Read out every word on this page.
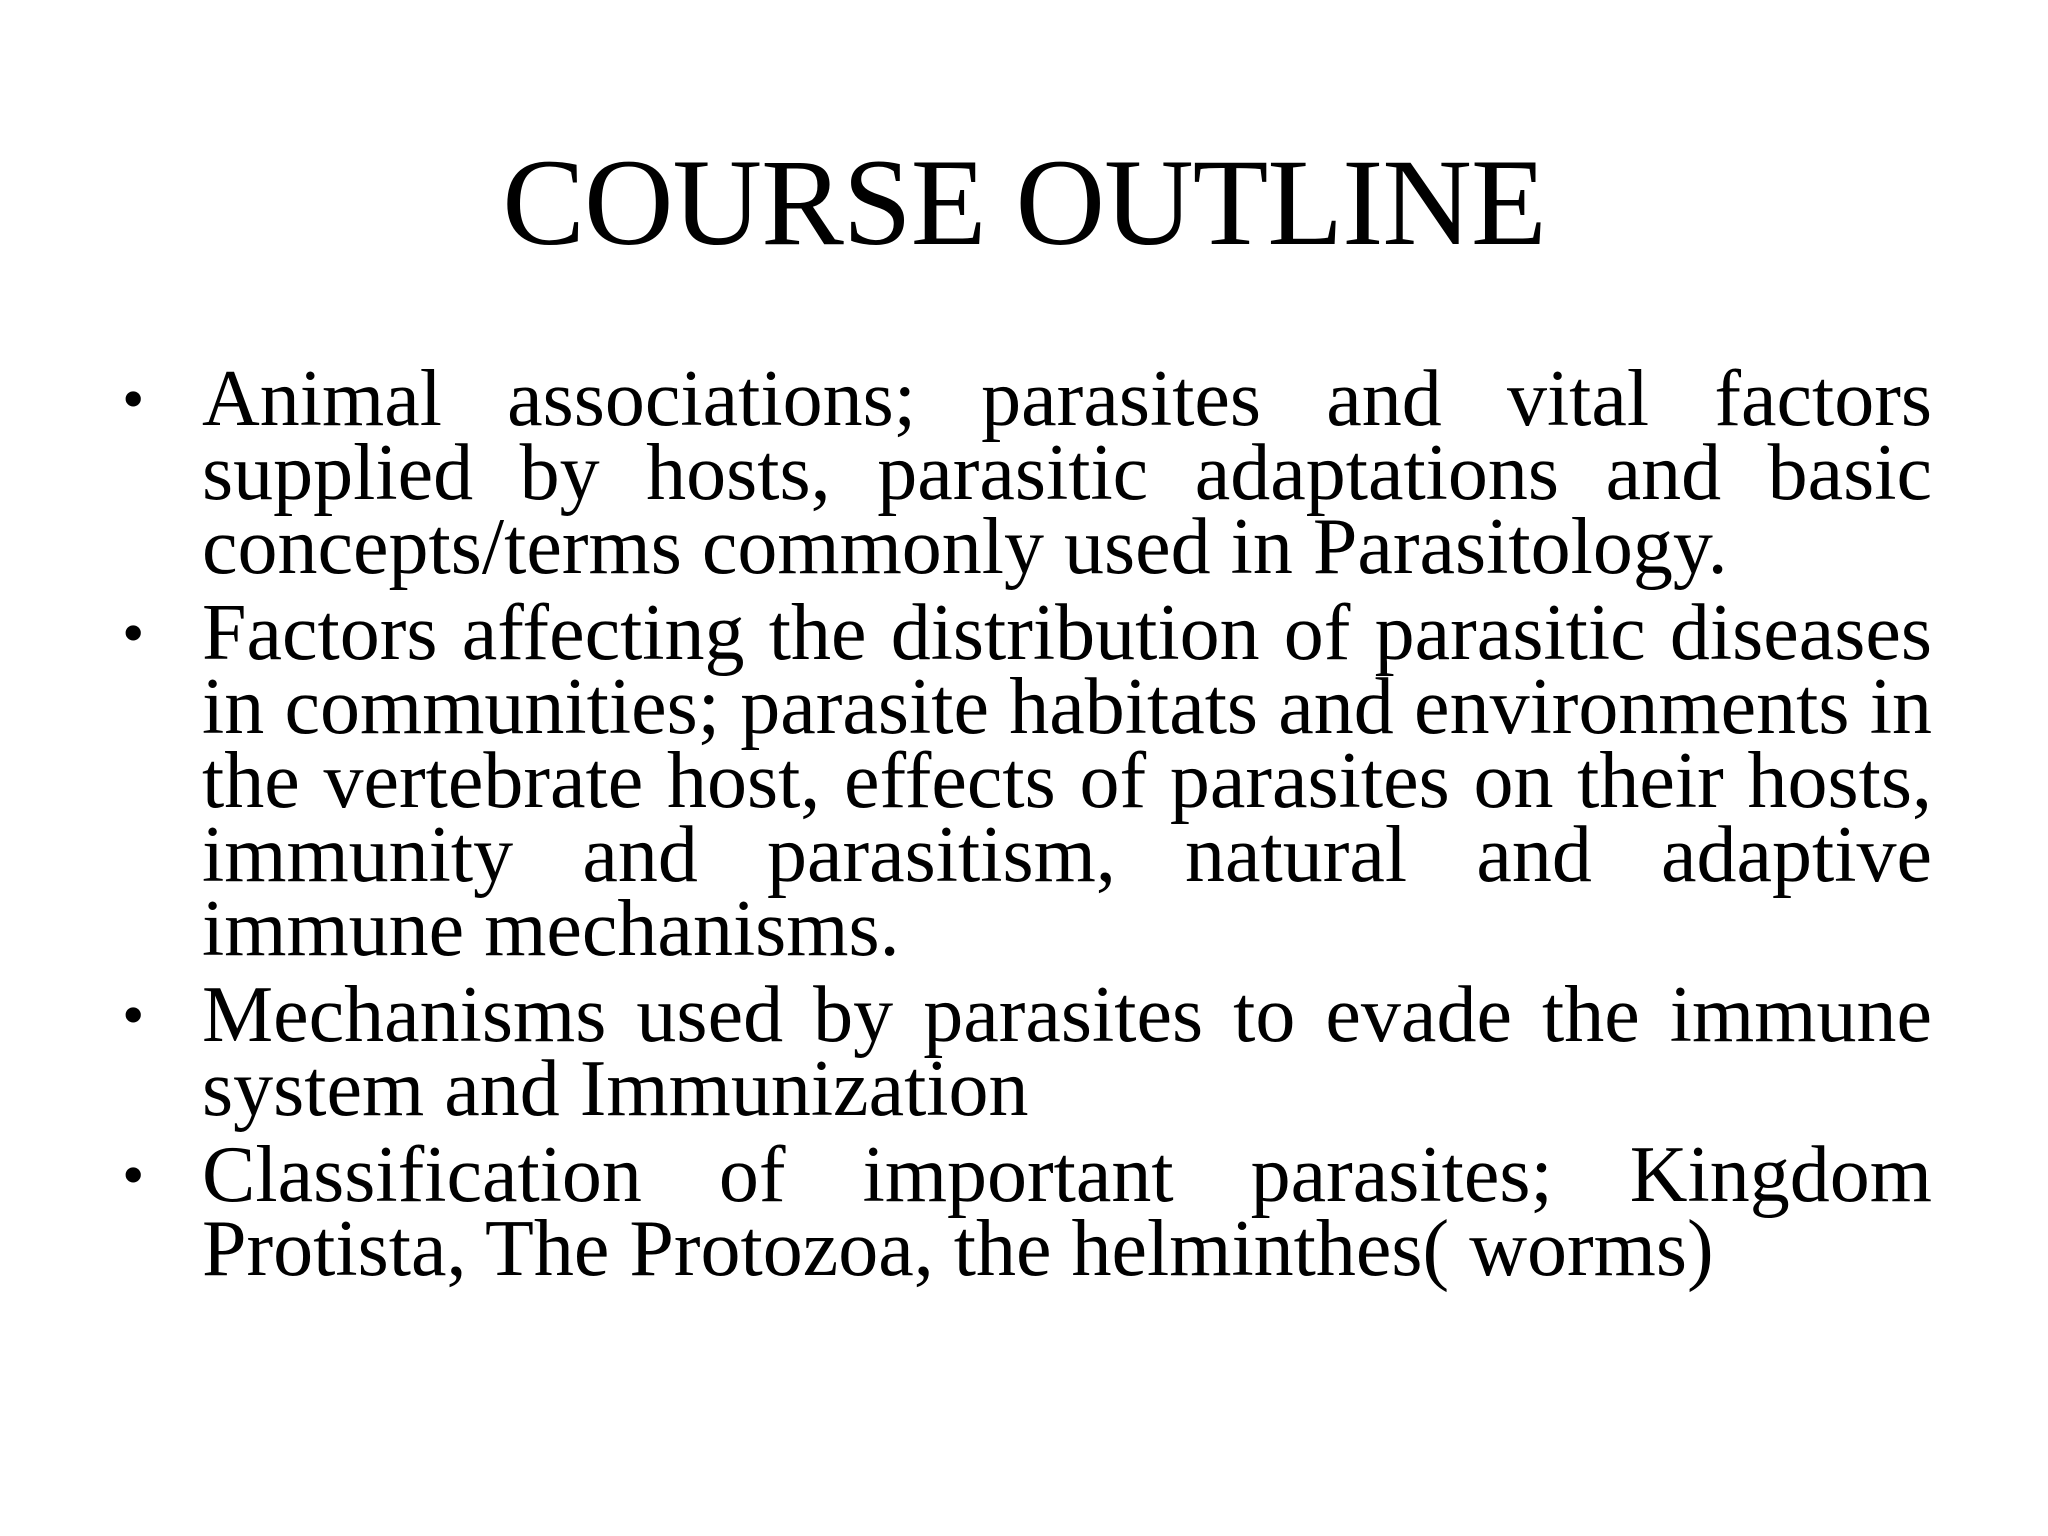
COURSE OUTLINE
• Animal associations; parasites and vital factors supplied by hosts, parasitic adaptations and basic concepts/terms commonly used in Parasitology.
• Factors affecting the distribution of parasitic diseases in communities; parasite habitats and environments in the vertebrate host, effects of parasites on their hosts, immunity and parasitism, natural and adaptive immune mechanisms.
• Mechanisms used by parasites to evade the immune system and Immunization
• Classification of important parasites; Kingdom Protista, The Protozoa, the helminthes( worms)
